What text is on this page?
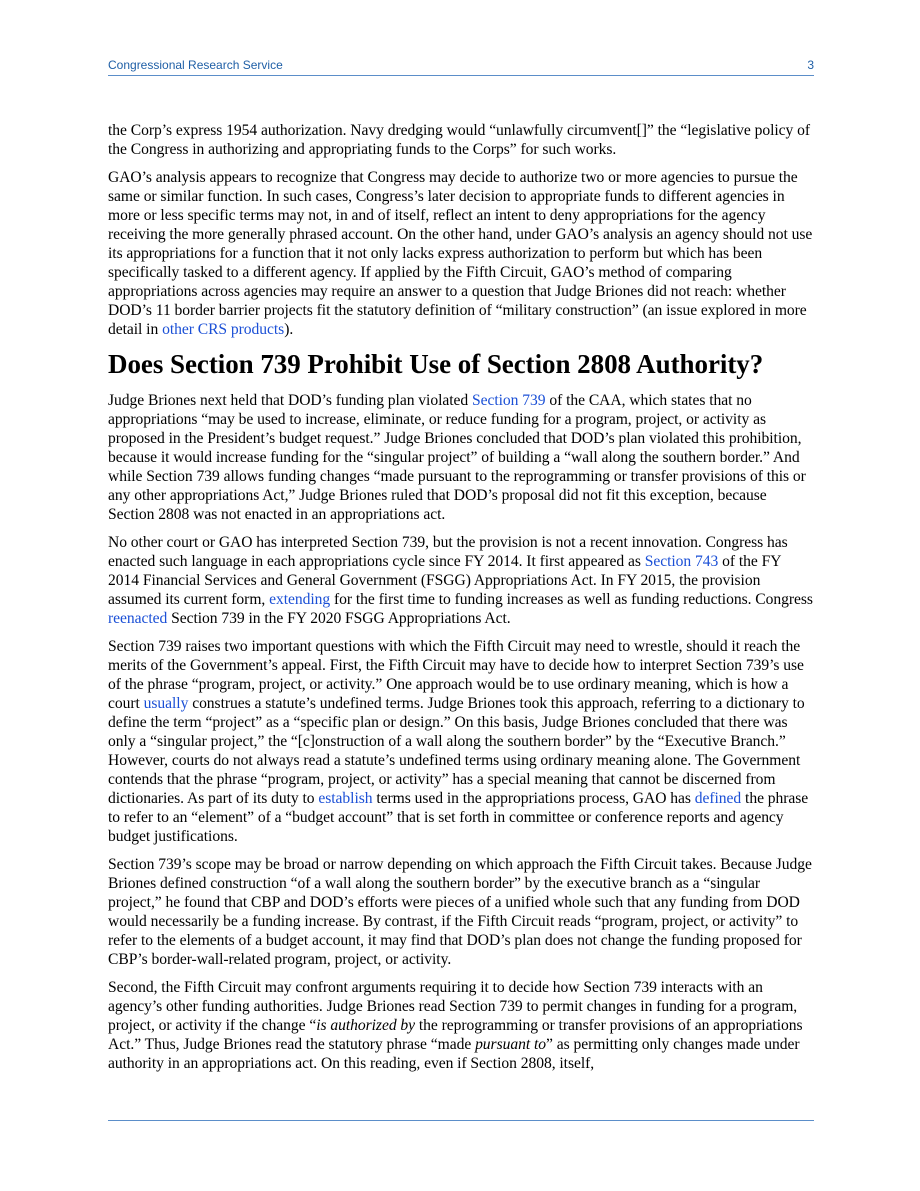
Congressional Research Service	3

the Corp’s express 1954 authorization. Navy dredging would “unlawfully circumvent[]” the “legislative policy of the Congress in authorizing and appropriating funds to the Corps” for such works.

GAO’s analysis appears to recognize that Congress may decide to authorize two or more agencies to pursue the same or similar function. In such cases, Congress’s later decision to appropriate funds to different agencies in more or less specific terms may not, in and of itself, reflect an intent to deny appropriations for the agency receiving the more generally phrased account. On the other hand, under GAO’s analysis an agency should not use its appropriations for a function that it not only lacks express authorization to perform but which has been specifically tasked to a different agency. If applied by the Fifth Circuit, GAO’s method of comparing appropriations across agencies may require an answer to a question that Judge Briones did not reach: whether DOD’s 11 border barrier projects fit the statutory definition of “military construction” (an issue explored in more detail in other CRS products).

Does Section 739 Prohibit Use of Section 2808 Authority?

Judge Briones next held that DOD’s funding plan violated Section 739 of the CAA, which states that no appropriations “may be used to increase, eliminate, or reduce funding for a program, project, or activity as proposed in the President’s budget request.” Judge Briones concluded that DOD’s plan violated this prohibition, because it would increase funding for the “singular project” of building a “wall along the southern border.” And while Section 739 allows funding changes “made pursuant to the reprogramming or transfer provisions of this or any other appropriations Act,” Judge Briones ruled that DOD’s proposal did not fit this exception, because Section 2808 was not enacted in an appropriations act.

No other court or GAO has interpreted Section 739, but the provision is not a recent innovation. Congress has enacted such language in each appropriations cycle since FY 2014. It first appeared as Section 743 of the FY 2014 Financial Services and General Government (FSGG) Appropriations Act. In FY 2015, the provision assumed its current form, extending for the first time to funding increases as well as funding reductions. Congress reenacted Section 739 in the FY 2020 FSGG Appropriations Act.

Section 739 raises two important questions with which the Fifth Circuit may need to wrestle, should it reach the merits of the Government’s appeal. First, the Fifth Circuit may have to decide how to interpret Section 739’s use of the phrase “program, project, or activity.” One approach would be to use ordinary meaning, which is how a court usually construes a statute’s undefined terms. Judge Briones took this approach, referring to a dictionary to define the term “project” as a “specific plan or design.” On this basis, Judge Briones concluded that there was only a “singular project,” the “[c]onstruction of a wall along the southern border” by the “Executive Branch.” However, courts do not always read a statute’s undefined terms using ordinary meaning alone. The Government contends that the phrase “program, project, or activity” has a special meaning that cannot be discerned from dictionaries. As part of its duty to establish terms used in the appropriations process, GAO has defined the phrase to refer to an “element” of a “budget account” that is set forth in committee or conference reports and agency budget justifications.

Section 739’s scope may be broad or narrow depending on which approach the Fifth Circuit takes. Because Judge Briones defined construction “of a wall along the southern border” by the executive branch as a “singular project,” he found that CBP and DOD’s efforts were pieces of a unified whole such that any funding from DOD would necessarily be a funding increase. By contrast, if the Fifth Circuit reads “program, project, or activity” to refer to the elements of a budget account, it may find that DOD’s plan does not change the funding proposed for CBP’s border-wall-related program, project, or activity.

Second, the Fifth Circuit may confront arguments requiring it to decide how Section 739 interacts with an agency’s other funding authorities. Judge Briones read Section 739 to permit changes in funding for a program, project, or activity if the change “is authorized by the reprogramming or transfer provisions of an appropriations Act.” Thus, Judge Briones read the statutory phrase “made pursuant to” as permitting only changes made under authority in an appropriations act. On this reading, even if Section 2808, itself,
